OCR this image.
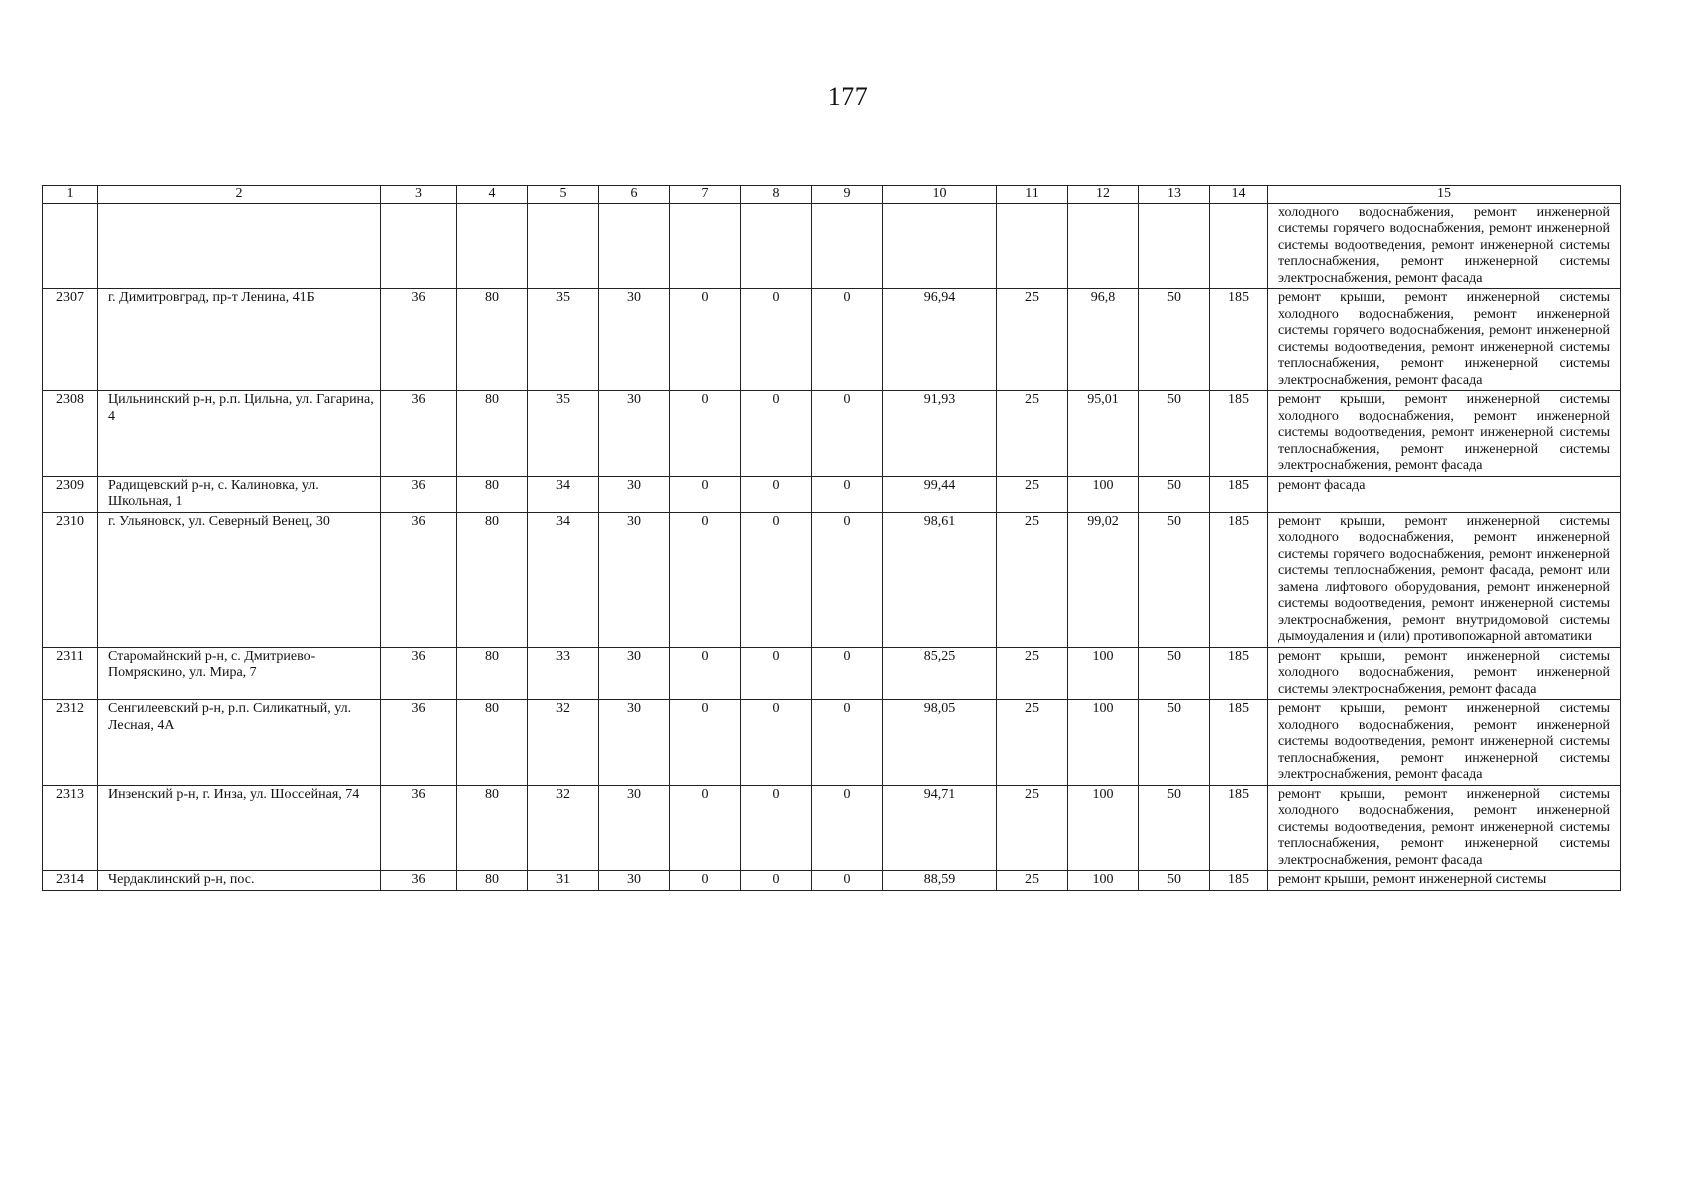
177
1	2	3	4	5	6	7	8	9	10	11	12	13	14	15
														холодного водоснабжения, ремонт инженерной системы горячего водоснабжения, ремонт инженерной системы водоотведения, ремонт инженерной системы теплоснабжения, ремонт инженерной системы электроснабжения, ремонт фасада
2307	г. Димитровград, пр-т Ленина, 41Б	36	80	35	30	0	0	0	96,94	25	96,8	50	185	ремонт крыши, ремонт инженерной системы холодного водоснабжения, ремонт инженерной системы горячего водоснабжения, ремонт инженерной системы водоотведения, ремонт инженерной системы теплоснабжения, ремонт инженерной системы электроснабжения, ремонт фасада
2308	Цильнинский р-н, р.п. Цильна, ул. Гагарина, 4	36	80	35	30	0	0	0	91,93	25	95,01	50	185	ремонт крыши, ремонт инженерной системы холодного водоснабжения, ремонт инженерной системы водоотведения, ремонт инженерной системы теплоснабжения, ремонт инженерной системы электроснабжения, ремонт фасада
2309	Радищевский р-н, с. Калиновка, ул. Школьная, 1	36	80	34	30	0	0	0	99,44	25	100	50	185	ремонт фасада
2310	г. Ульяновск, ул. Северный Венец, 30	36	80	34	30	0	0	0	98,61	25	99,02	50	185	ремонт крыши, ремонт инженерной системы холодного водоснабжения, ремонт инженерной системы горячего водоснабжения, ремонт инженерной системы теплоснабжения, ремонт фасада, ремонт или замена лифтового оборудования, ремонт инженерной системы водоотведения, ремонт инженерной системы электроснабжения, ремонт внутридомовой системы дымоудаления и (или) противопожарной автоматики
2311	Старомайнский р-н, с. Дмитриево-Помряскино, ул. Мира, 7	36	80	33	30	0	0	0	85,25	25	100	50	185	ремонт крыши, ремонт инженерной системы холодного водоснабжения, ремонт инженерной системы электроснабжения, ремонт фасада
2312	Сенгилеевский р-н, р.п. Силикатный, ул. Лесная, 4А	36	80	32	30	0	0	0	98,05	25	100	50	185	ремонт крыши, ремонт инженерной системы холодного водоснабжения, ремонт инженерной системы водоотведения, ремонт инженерной системы теплоснабжения, ремонт инженерной системы электроснабжения, ремонт фасада
2313	Инзенский р-н, г. Инза, ул. Шоссейная, 74	36	80	32	30	0	0	0	94,71	25	100	50	185	ремонт крыши, ремонт инженерной системы холодного водоснабжения, ремонт инженерной системы водоотведения, ремонт инженерной системы теплоснабжения, ремонт инженерной системы электроснабжения, ремонт фасада
2314	Чердаклинский р-н, пос.	36	80	31	30	0	0	0	88,59	25	100	50	185	ремонт крыши, ремонт инженерной системы
